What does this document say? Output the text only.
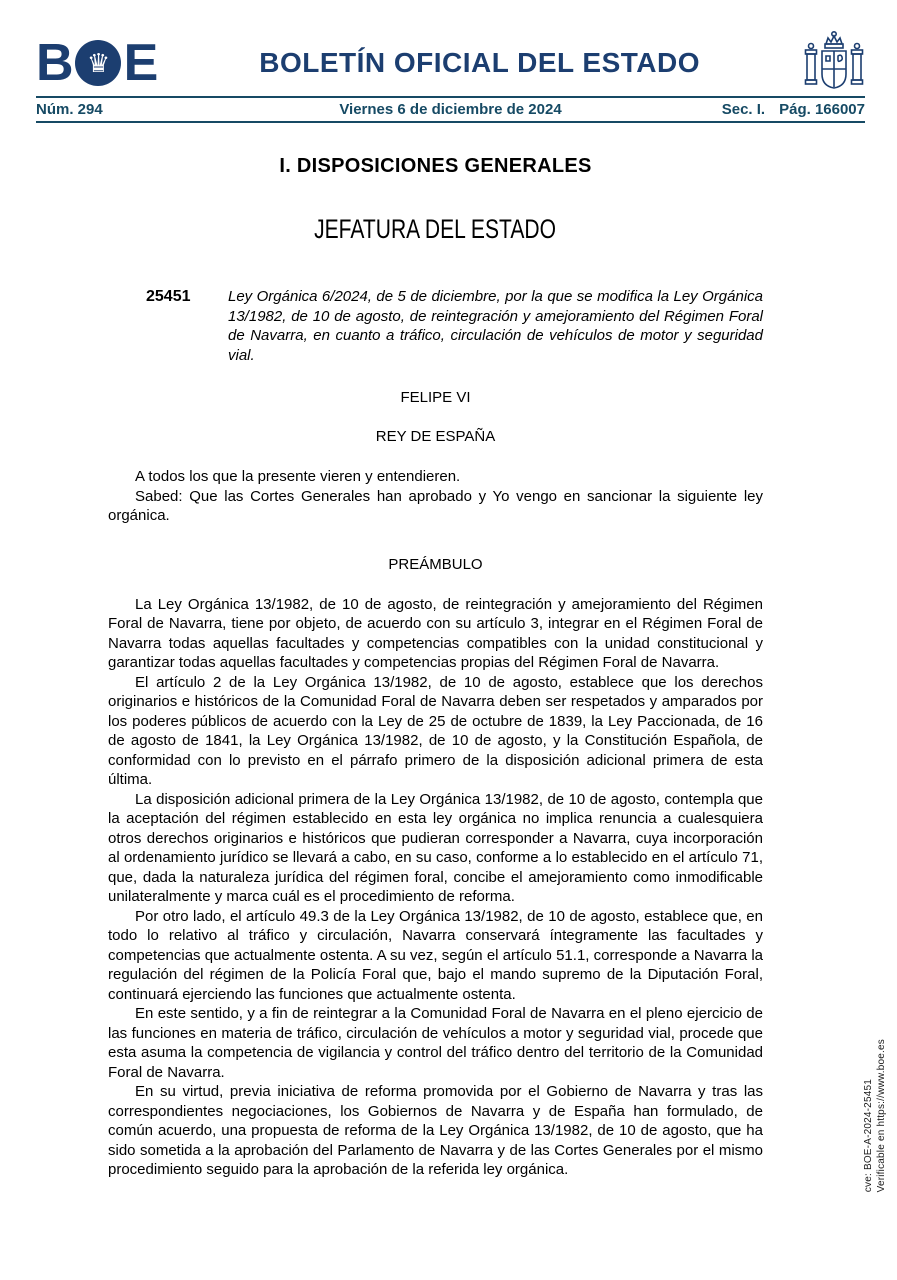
B ♛ E	BOLETÍN OFICIAL DEL ESTADO
Núm. 294	Viernes 6 de diciembre de 2024	Sec. I. Pág. 166007
I. DISPOSICIONES GENERALES
JEFATURA DEL ESTADO
25451	Ley Orgánica 6/2024, de 5 de diciembre, por la que se modifica la Ley Orgánica 13/1982, de 10 de agosto, de reintegración y amejoramiento del Régimen Foral de Navarra, en cuanto a tráfico, circulación de vehículos de motor y seguridad vial.
FELIPE VI
REY DE ESPAÑA

A todos los que la presente vieren y entendieren.

Sabed: Que las Cortes Generales han aprobado y Yo vengo en sancionar la siguiente ley orgánica.

PREÁMBULO

La Ley Orgánica 13/1982, de 10 de agosto, de reintegración y amejoramiento del Régimen Foral de Navarra, tiene por objeto, de acuerdo con su artículo 3, integrar en el Régimen Foral de Navarra todas aquellas facultades y competencias compatibles con la unidad constitucional y garantizar todas aquellas facultades y competencias propias del Régimen Foral de Navarra.

El artículo 2 de la Ley Orgánica 13/1982, de 10 de agosto, establece que los derechos originarios e históricos de la Comunidad Foral de Navarra deben ser respetados y amparados por los poderes públicos de acuerdo con la Ley de 25 de octubre de 1839, la Ley Paccionada, de 16 de agosto de 1841, la Ley Orgánica 13/1982, de 10 de agosto, y la Constitución Española, de conformidad con lo previsto en el párrafo primero de la disposición adicional primera de esta última.

La disposición adicional primera de la Ley Orgánica 13/1982, de 10 de agosto, contempla que la aceptación del régimen establecido en esta ley orgánica no implica renuncia a cualesquiera otros derechos originarios e históricos que pudieran corresponder a Navarra, cuya incorporación al ordenamiento jurídico se llevará a cabo, en su caso, conforme a lo establecido en el artículo 71, que, dada la naturaleza jurídica del régimen foral, concibe el amejoramiento como inmodificable unilateralmente y marca cuál es el procedimiento de reforma.

Por otro lado, el artículo 49.3 de la Ley Orgánica 13/1982, de 10 de agosto, establece que, en todo lo relativo al tráfico y circulación, Navarra conservará íntegramente las facultades y competencias que actualmente ostenta. A su vez, según el artículo 51.1, corresponde a Navarra la regulación del régimen de la Policía Foral que, bajo el mando supremo de la Diputación Foral, continuará ejerciendo las funciones que actualmente ostenta.

En este sentido, y a fin de reintegrar a la Comunidad Foral de Navarra en el pleno ejercicio de las funciones en materia de tráfico, circulación de vehículos a motor y seguridad vial, procede que esta asuma la competencia de vigilancia y control del tráfico dentro del territorio de la Comunidad Foral de Navarra.

En su virtud, previa iniciativa de reforma promovida por el Gobierno de Navarra y tras las correspondientes negociaciones, los Gobiernos de Navarra y de España han formulado, de común acuerdo, una propuesta de reforma de la Ley Orgánica 13/1982, de 10 de agosto, que ha sido sometida a la aprobación del Parlamento de Navarra y de las Cortes Generales por el mismo procedimiento seguido para la aprobación de la referida ley orgánica.	cve: BOE-A-2024-25451 Verificable en https://www.boe.es
